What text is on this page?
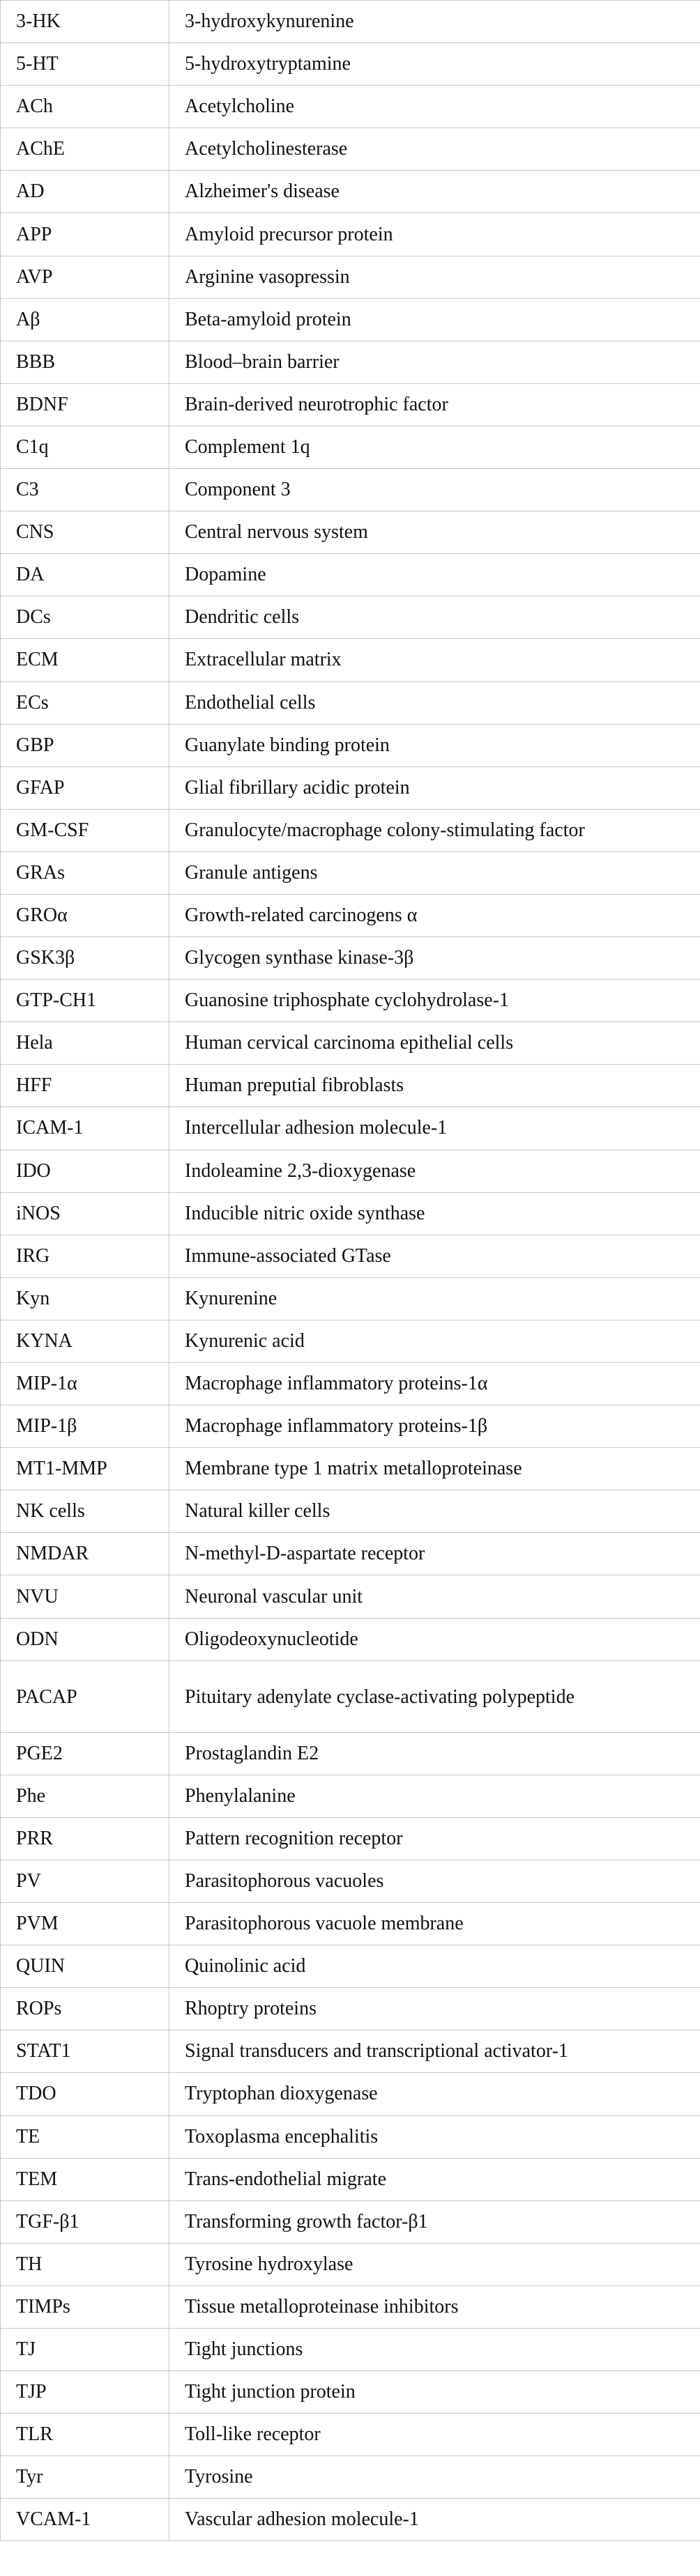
3-HK	3-hydroxykynurenine
5-HT	5-hydroxytryptamine
ACh	Acetylcholine
AChE	Acetylcholinesterase
AD	Alzheimer's disease
APP	Amyloid precursor protein
AVP	Arginine vasopressin
Aβ	Beta-amyloid protein
BBB	Blood–brain barrier
BDNF	Brain-derived neurotrophic factor
C1q	Complement 1q
C3	Component 3
CNS	Central nervous system
DA	Dopamine
DCs	Dendritic cells
ECM	Extracellular matrix
ECs	Endothelial cells
GBP	Guanylate binding protein
GFAP	Glial fibrillary acidic protein
GM-CSF	Granulocyte/macrophage colony-stimulating factor
GRAs	Granule antigens
GROα	Growth-related carcinogens α
GSK3β	Glycogen synthase kinase-3β
GTP-CH1	Guanosine triphosphate cyclohydrolase-1
Hela	Human cervical carcinoma epithelial cells
HFF	Human preputial fibroblasts
ICAM-1	Intercellular adhesion molecule-1
IDO	Indoleamine 2,3-dioxygenase
iNOS	Inducible nitric oxide synthase
IRG	Immune-associated GTase
Kyn	Kynurenine
KYNA	Kynurenic acid
MIP-1α	Macrophage inflammatory proteins-1α
MIP-1β	Macrophage inflammatory proteins-1β
MT1-MMP	Membrane type 1 matrix metalloproteinase
NK cells	Natural killer cells
NMDAR	N-methyl-D-aspartate receptor
NVU	Neuronal vascular unit
ODN	Oligodeoxynucleotide
PACAP	Pituitary adenylate cyclase-activating polypeptide
PGE2	Prostaglandin E2
Phe	Phenylalanine
PRR	Pattern recognition receptor
PV	Parasitophorous vacuoles
PVM	Parasitophorous vacuole membrane
QUIN	Quinolinic acid
ROPs	Rhoptry proteins
STAT1	Signal transducers and transcriptional activator-1
TDO	Tryptophan dioxygenase
TE	Toxoplasma encephalitis
TEM	Trans-endothelial migrate
TGF-β1	Transforming growth factor-β1
TH	Tyrosine hydroxylase
TIMPs	Tissue metalloproteinase inhibitors
TJ	Tight junctions
TJP	Tight junction protein
TLR	Toll-like receptor
Tyr	Tyrosine
VCAM-1	Vascular adhesion molecule-1
